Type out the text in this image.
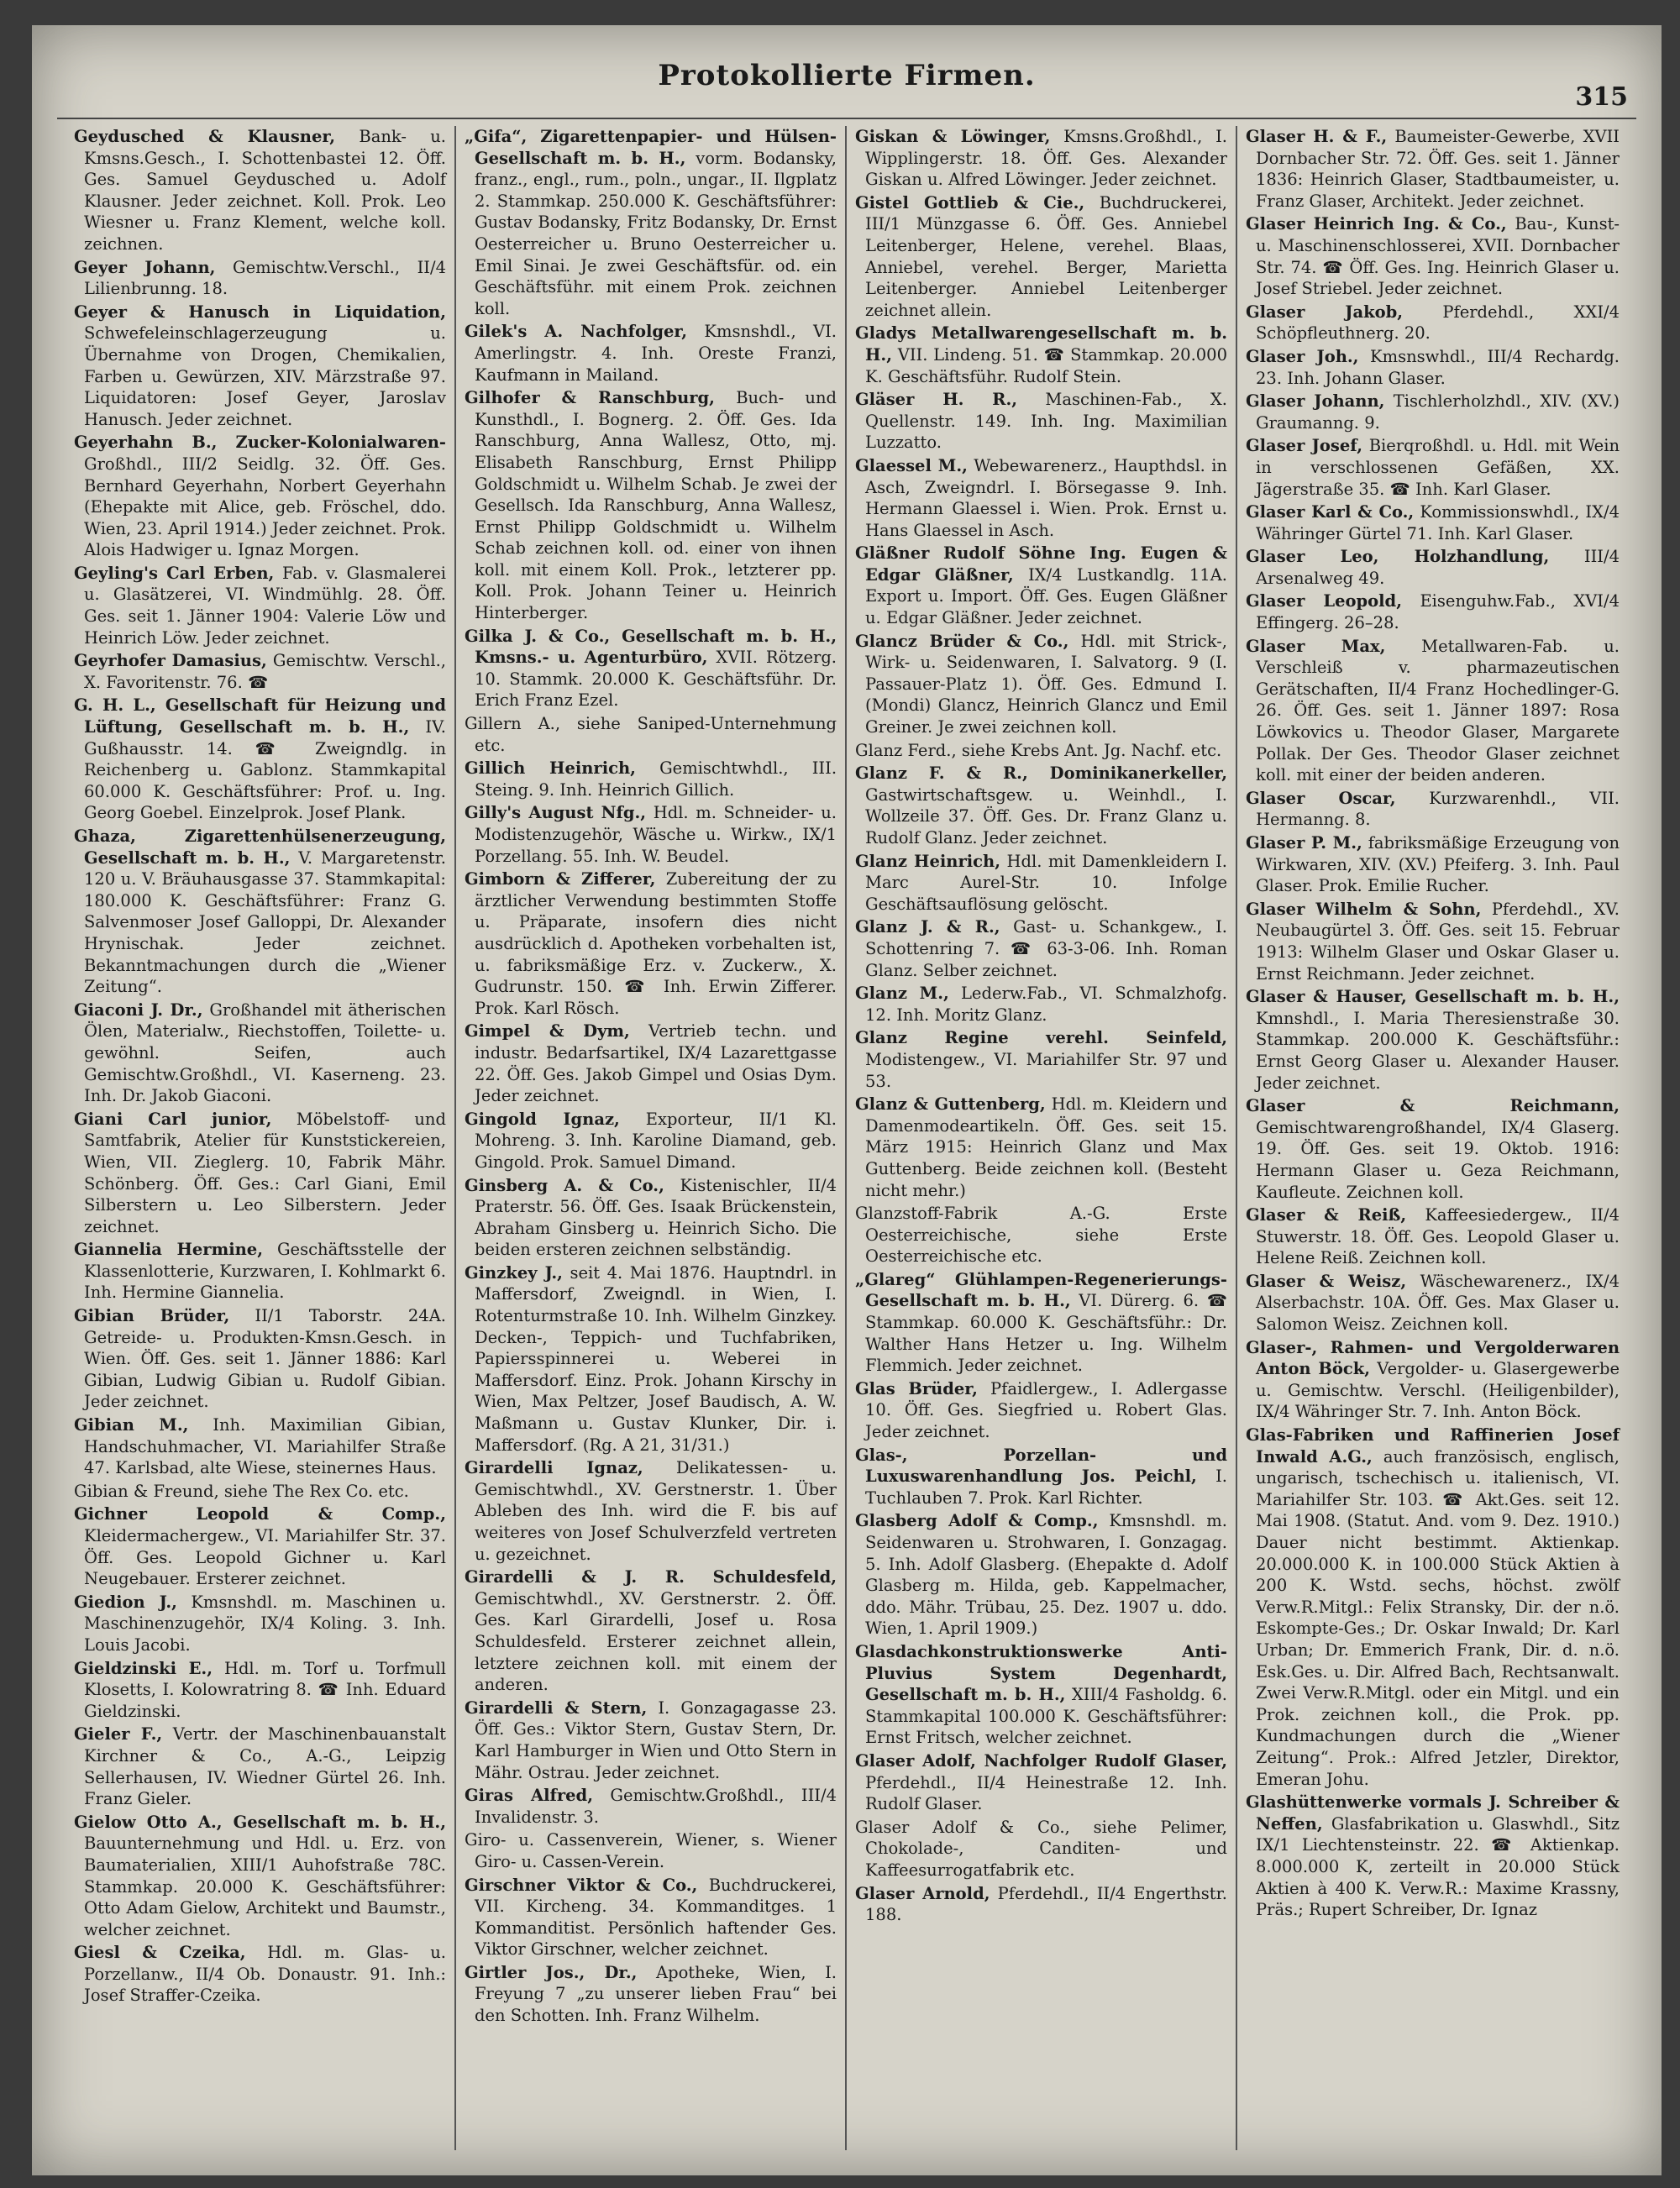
Protokollierte Firmen.
315

Geydusched & Klausner, Bank- u. Kmsns.Gesch., I. Schottenbastei 12. Öff. Ges. Samuel Geydusched u. Adolf Klausner. Jeder zeichnet. Koll. Prok. Leo Wiesner u. Franz Klement, welche koll. zeichnen.

Geyer Johann, Gemischtw.Verschl., II/4 Lilienbrunng. 18.

Geyer & Hanusch in Liquidation, Schwefeleinschlagerzeugung u. Übernahme von Drogen, Chemikalien, Farben u. Gewürzen, XIV. Märzstraße 97. Liquidatoren: Josef Geyer, Jaroslav Hanusch. Jeder zeichnet.

Geyerhahn B., Zucker-Kolonialwaren- Großhdl., III/2 Seidlg. 32. Öff. Ges. Bernhard Geyerhahn, Norbert Geyerhahn (Ehepakte mit Alice, geb. Fröschel, ddo. Wien, 23. April 1914.) Jeder zeichnet. Prok. Alois Hadwiger u. Ignaz Morgen.

Geyling's Carl Erben, Fab. v. Glasmalerei u. Glasätzerei, VI. Windmühlg. 28. Öff. Ges. seit 1. Jänner 1904: Valerie Löw und Heinrich Löw. Jeder zeichnet.

Geyrhofer Damasius, Gemischtw. Verschl., X. Favoritenstr. 76. ☎

G. H. L., Gesellschaft für Heizung und Lüftung, Gesellschaft m. b. H., IV. Gußhausstr. 14. ☎ Zweigndlg. in Reichenberg u. Gablonz. Stammkapital 60.000 K. Geschäftsführer: Prof. u. Ing. Georg Goebel. Einzelprok. Josef Plank.

Ghaza, Zigarettenhülsenerzeugung, Gesellschaft m. b. H., V. Margaretenstr. 120 u. V. Bräuhausgasse 37. Stammkapital: 180.000 K. Geschäftsführer: Franz G. Salvenmoser Josef Galloppi, Dr. Alexander Hrynischak. Jeder zeichnet. Bekanntmachungen durch die „Wiener Zeitung“.

Giaconi J. Dr., Großhandel mit ätherischen Ölen, Materialw., Riechstoffen, Toilette- u. gewöhnl. Seifen, auch Gemischtw.Großhdl., VI. Kaserneng. 23. Inh. Dr. Jakob Giaconi.

Giani Carl junior, Möbelstoff- und Samtfabrik, Atelier für Kunststickereien, Wien, VII. Zieglerg. 10, Fabrik Mähr. Schönberg. Öff. Ges.: Carl Giani, Emil Silberstern u. Leo Silberstern. Jeder zeichnet.

Giannelia Hermine, Geschäftsstelle der Klassenlotterie, Kurzwaren, I. Kohlmarkt 6. Inh. Hermine Giannelia.

Gibian Brüder, II/1 Taborstr. 24A. Getreide- u. Produkten-Kmsn.Gesch. in Wien. Öff. Ges. seit 1. Jänner 1886: Karl Gibian, Ludwig Gibian u. Rudolf Gibian. Jeder zeichnet.

Gibian M., Inh. Maximilian Gibian, Handschuhmacher, VI. Mariahilfer Straße 47. Karlsbad, alte Wiese, steinernes Haus.

Gibian & Freund, siehe The Rex Co. etc.

Gichner Leopold & Comp., Kleidermachergew., VI. Mariahilfer Str. 37. Öff. Ges. Leopold Gichner u. Karl Neugebauer. Ersterer zeichnet.

Giedion J., Kmsnshdl. m. Maschinen u. Maschinenzugehör, IX/4 Koling. 3. Inh. Louis Jacobi.

Gieldzinski E., Hdl. m. Torf u. Torfmull Klosetts, I. Kolowratring 8. ☎ Inh. Eduard Gieldzinski.

Gieler F., Vertr. der Maschinenbauanstalt Kirchner & Co., A.-G., Leipzig Sellerhausen, IV. Wiedner Gürtel 26. Inh. Franz Gieler.

Gielow Otto A., Gesellschaft m. b. H., Bauunternehmung und Hdl. u. Erz. von Baumaterialien, XIII/1 Auhofstraße 78C. Stammkap. 20.000 K. Geschäftsführer: Otto Adam Gielow, Architekt und Baumstr., welcher zeichnet.

Giesl & Czeika, Hdl. m. Glas- u. Porzellanw., II/4 Ob. Donaustr. 91. Inh.: Josef Straffer-Czeika.

„Gifa“, Zigarettenpapier- und Hülsen-Gesellschaft m. b. H., vorm. Bodansky, franz., engl., rum., poln., ungar., II. Ilgplatz 2. Stammkap. 250.000 K. Geschäftsführer: Gustav Bodansky, Fritz Bodansky, Dr. Ernst Oesterreicher u. Bruno Oesterreicher u. Emil Sinai. Je zwei Geschäftsfür. od. ein Geschäftsführ. mit einem Prok. zeichnen koll.

Gilek's A. Nachfolger, Kmsnshdl., VI. Amerlingstr. 4. Inh. Oreste Franzi, Kaufmann in Mailand.

Gilhofer & Ranschburg, Buch- und Kunsthdl., I. Bognerg. 2. Öff. Ges. Ida Ranschburg, Anna Wallesz, Otto, mj. Elisabeth Ranschburg, Ernst Philipp Goldschmidt u. Wilhelm Schab. Je zwei der Gesellsch. Ida Ranschburg, Anna Wallesz, Ernst Philipp Goldschmidt u. Wilhelm Schab zeichnen koll. od. einer von ihnen koll. mit einem Koll. Prok., letzterer pp. Koll. Prok. Johann Teiner u. Heinrich Hinterberger.

Gilka J. & Co., Gesellschaft m. b. H., Kmsns.- u. Agenturbüro, XVII. Rötzerg. 10. Stammk. 20.000 K. Geschäftsführ. Dr. Erich Franz Ezel.

Gillern A., siehe Saniped-Unternehmung etc.

Gillich Heinrich, Gemischtwhdl., III. Steing. 9. Inh. Heinrich Gillich.

Gilly's August Nfg., Hdl. m. Schneider- u. Modistenzugehör, Wäsche u. Wirkw., IX/1 Porzellang. 55. Inh. W. Beudel.

Gimborn & Zifferer, Zubereitung der zu ärztlicher Verwendung bestimmten Stoffe u. Präparate, insofern dies nicht ausdrücklich d. Apotheken vorbehalten ist, u. fabriksmäßige Erz. v. Zuckerw., X. Gudrunstr. 150. ☎ Inh. Erwin Zifferer. Prok. Karl Rösch.

Gimpel & Dym, Vertrieb techn. und industr. Bedarfsartikel, IX/4 Lazarettgasse 22. Öff. Ges. Jakob Gimpel und Osias Dym. Jeder zeichnet.

Gingold Ignaz, Exporteur, II/1 Kl. Mohreng. 3. Inh. Karoline Diamand, geb. Gingold. Prok. Samuel Dimand.

Ginsberg A. & Co., Kistenischler, II/4 Praterstr. 56. Öff. Ges. Isaak Brückenstein, Abraham Ginsberg u. Heinrich Sicho. Die beiden ersteren zeichnen selbständig.

Ginzkey J., seit 4. Mai 1876. Hauptndrl. in Maffersdorf, Zweigndl. in Wien, I. Rotenturmstraße 10. Inh. Wilhelm Ginzkey. Decken-, Teppich- und Tuchfabriken, Papiersspinnerei u. Weberei in Maffersdorf. Einz. Prok. Johann Kirschy in Wien, Max Peltzer, Josef Baudisch, A. W. Maßmann u. Gustav Klunker, Dir. i. Maffersdorf. (Rg. A 21, 31/31.)

Girardelli Ignaz, Delikatessen- u. Gemischtwhdl., XV. Gerstnerstr. 1. Über Ableben des Inh. wird die F. bis auf weiteres von Josef Schulverzfeld vertreten u. gezeichnet.

Girardelli & J. R. Schuldesfeld, Gemischtwhdl., XV. Gerstnerstr. 2. Öff. Ges. Karl Girardelli, Josef u. Rosa Schuldesfeld. Ersterer zeichnet allein, letztere zeichnen koll. mit einem der anderen.

Girardelli & Stern, I. Gonzagagasse 23. Öff. Ges.: Viktor Stern, Gustav Stern, Dr. Karl Hamburger in Wien und Otto Stern in Mähr. Ostrau. Jeder zeichnet.

Giras Alfred, Gemischtw.Großhdl., III/4 Invalidenstr. 3.

Giro- u. Cassenverein, Wiener, s. Wiener Giro- u. Cassen-Verein.

Girschner Viktor & Co., Buchdruckerei, VII. Kircheng. 34. Kommanditges. 1 Kommanditist. Persönlich haftender Ges. Viktor Girschner, welcher zeichnet.

Girtler Jos., Dr., Apotheke, Wien, I. Freyung 7 „zu unserer lieben Frau“ bei den Schotten. Inh. Franz Wilhelm.

Giskan & Löwinger, Kmsns.Großhdl., I. Wipplingerstr. 18. Öff. Ges. Alexander Giskan u. Alfred Löwinger. Jeder zeichnet.

Gistel Gottlieb & Cie., Buchdruckerei, III/1 Münzgasse 6. Öff. Ges. Anniebel Leitenberger, Helene, verehel. Blaas, Anniebel, verehel. Berger, Marietta Leitenberger. Anniebel Leitenberger zeichnet allein.

Gladys Metallwarengesellschaft m. b. H., VII. Lindeng. 51. ☎ Stammkap. 20.000 K. Geschäftsführ. Rudolf Stein.

Gläser H. R., Maschinen-Fab., X. Quellenstr. 149. Inh. Ing. Maximilian Luzzatto.

Glaessel M., Webewarenerz., Haupthdsl. in Asch, Zweigndrl. I. Börsegasse 9. Inh. Hermann Glaessel i. Wien. Prok. Ernst u. Hans Glaessel in Asch.

Gläßner Rudolf Söhne Ing. Eugen & Edgar Gläßner, IX/4 Lustkandlg. 11A. Export u. Import. Öff. Ges. Eugen Gläßner u. Edgar Gläßner. Jeder zeichnet.

Glancz Brüder & Co., Hdl. mit Strick-, Wirk- u. Seidenwaren, I. Salvatorg. 9 (I. Passauer-Platz 1). Öff. Ges. Edmund I. (Mondi) Glancz, Heinrich Glancz und Emil Greiner. Je zwei zeichnen koll.

Glanz Ferd., siehe Krebs Ant. Jg. Nachf. etc.

Glanz F. & R., Dominikanerkeller, Gastwirtschaftsgew. u. Weinhdl., I. Wollzeile 37. Öff. Ges. Dr. Franz Glanz u. Rudolf Glanz. Jeder zeichnet.

Glanz Heinrich, Hdl. mit Damenkleidern I. Marc Aurel-Str. 10. Infolge Geschäftsauflösung gelöscht.

Glanz J. & R., Gast- u. Schankgew., I. Schottenring 7. ☎ 63-3-06. Inh. Roman Glanz. Selber zeichnet.

Glanz M., Lederw.Fab., VI. Schmalzhofg. 12. Inh. Moritz Glanz.

Glanz Regine verehl. Seinfeld, Modistengew., VI. Mariahilfer Str. 97 und 53.

Glanz & Guttenberg, Hdl. m. Kleidern und Damenmodeartikeln. Öff. Ges. seit 15. März 1915: Heinrich Glanz und Max Guttenberg. Beide zeichnen koll. (Besteht nicht mehr.)

Glanzstoff-Fabrik A.-G. Erste Oesterreichische, siehe Erste Oesterreichische etc.

„Glareg“ Glühlampen-Regenerierungs-Gesellschaft m. b. H., VI. Dürerg. 6. ☎ Stammkap. 60.000 K. Geschäftsführ.: Dr. Walther Hans Hetzer u. Ing. Wilhelm Flemmich. Jeder zeichnet.

Glas Brüder, Pfaidlergew., I. Adlergasse 10. Öff. Ges. Siegfried u. Robert Glas. Jeder zeichnet.

Glas-, Porzellan- und Luxuswarenhandlung Jos. Peichl, I. Tuchlauben 7. Prok. Karl Richter.

Glasberg Adolf & Comp., Kmsnshdl. m. Seidenwaren u. Strohwaren, I. Gonzagag. 5. Inh. Adolf Glasberg. (Ehepakte d. Adolf Glasberg m. Hilda, geb. Kappelmacher, ddo. Mähr. Trübau, 25. Dez. 1907 u. ddo. Wien, 1. April 1909.)

Glasdachkonstruktionswerke Anti-Pluvius System Degenhardt, Gesellschaft m. b. H., XIII/4 Fasholdg. 6. Stammkapital 100.000 K. Geschäftsführer: Ernst Fritsch, welcher zeichnet.

Glaser Adolf, Nachfolger Rudolf Glaser, Pferdehdl., II/4 Heinestraße 12. Inh. Rudolf Glaser.

Glaser Adolf & Co., siehe Pelimer, Chokolade-, Canditen- und Kaffeesurrogatfabrik etc.

Glaser Arnold, Pferdehdl., II/4 Engerthstr. 188.

Glaser H. & F., Baumeister-Gewerbe, XVII Dornbacher Str. 72. Öff. Ges. seit 1. Jänner 1836: Heinrich Glaser, Stadtbaumeister, u. Franz Glaser, Architekt. Jeder zeichnet.

Glaser Heinrich Ing. & Co., Bau-, Kunst- u. Maschinenschlosserei, XVII. Dornbacher Str. 74. ☎ Öff. Ges. Ing. Heinrich Glaser u. Josef Striebel. Jeder zeichnet.

Glaser Jakob, Pferdehdl., XXI/4 Schöpfleuthnerg. 20.

Glaser Joh., Kmsnswhdl., III/4 Rechardg. 23. Inh. Johann Glaser.

Glaser Johann, Tischlerholzhdl., XIV. (XV.) Graumanng. 9.

Glaser Josef, Bierqroßhdl. u. Hdl. mit Wein in verschlossenen Gefäßen, XX. Jägerstraße 35. ☎ Inh. Karl Glaser.

Glaser Karl & Co., Kommissionswhdl., IX/4 Währinger Gürtel 71. Inh. Karl Glaser.

Glaser Leo, Holzhandlung, III/4 Arsenalweg 49.

Glaser Leopold, Eisenguhw.Fab., XVI/4 Effingerg. 26–28.

Glaser Max, Metallwaren-Fab. u. Verschleiß v. pharmazeutischen Gerätschaften, II/4 Franz Hochedlinger-G. 26. Öff. Ges. seit 1. Jänner 1897: Rosa Löwkovics u. Theodor Glaser, Margarete Pollak. Der Ges. Theodor Glaser zeichnet koll. mit einer der beiden anderen.

Glaser Oscar, Kurzwarenhdl., VII. Hermanng. 8.

Glaser P. M., fabriksmäßige Erzeugung von Wirkwaren, XIV. (XV.) Pfeiferg. 3. Inh. Paul Glaser. Prok. Emilie Rucher.

Glaser Wilhelm & Sohn, Pferdehdl., XV. Neubaugürtel 3. Öff. Ges. seit 15. Februar 1913: Wilhelm Glaser und Oskar Glaser u. Ernst Reichmann. Jeder zeichnet.

Glaser & Hauser, Gesellschaft m. b. H., Kmnshdl., I. Maria Theresienstraße 30. Stammkap. 200.000 K. Geschäftsführ.: Ernst Georg Glaser u. Alexander Hauser. Jeder zeichnet.

Glaser & Reichmann, Gemischtwarengroßhandel, IX/4 Glaserg. 19. Öff. Ges. seit 19. Oktob. 1916: Hermann Glaser u. Geza Reichmann, Kaufleute. Zeichnen koll.

Glaser & Reiß, Kaffeesiedergew., II/4 Stuwerstr. 18. Öff. Ges. Leopold Glaser u. Helene Reiß. Zeichnen koll.

Glaser & Weisz, Wäschewarenerz., IX/4 Alserbachstr. 10A. Öff. Ges. Max Glaser u. Salomon Weisz. Zeichnen koll.

Glaser-, Rahmen- und Vergolderwaren Anton Böck, Vergolder- u. Glasergewerbe u. Gemischtw. Verschl. (Heiligenbilder), IX/4 Währinger Str. 7. Inh. Anton Böck.

Glas-Fabriken und Raffinerien Josef Inwald A.G., auch französisch, englisch, ungarisch, tschechisch u. italienisch, VI. Mariahilfer Str. 103. ☎ Akt.Ges. seit 12. Mai 1908. (Statut. And. vom 9. Dez. 1910.) Dauer nicht bestimmt. Aktienkap. 20.000.000 K. in 100.000 Stück Aktien à 200 K. Wstd. sechs, höchst. zwölf Verw.R.Mitgl.: Felix Stransky, Dir. der n.ö. Eskompte-Ges.; Dr. Oskar Inwald; Dr. Karl Urban; Dr. Emmerich Frank, Dir. d. n.ö. Esk.Ges. u. Dir. Alfred Bach, Rechtsanwalt. Zwei Verw.R.Mitgl. oder ein Mitgl. und ein Prok. zeichnen koll., die Prok. pp. Kundmachungen durch die „Wiener Zeitung“. Prok.: Alfred Jetzler, Direktor, Emeran Johu.

Glashüttenwerke vormals J. Schreiber & Neffen, Glasfabrikation u. Glaswhdl., Sitz IX/1 Liechtensteinstr. 22. ☎ Aktienkap. 8.000.000 K, zerteilt in 20.000 Stück Aktien à 400 K. Verw.R.: Maxime Krassny, Präs.; Rupert Schreiber, Dr. Ignaz
